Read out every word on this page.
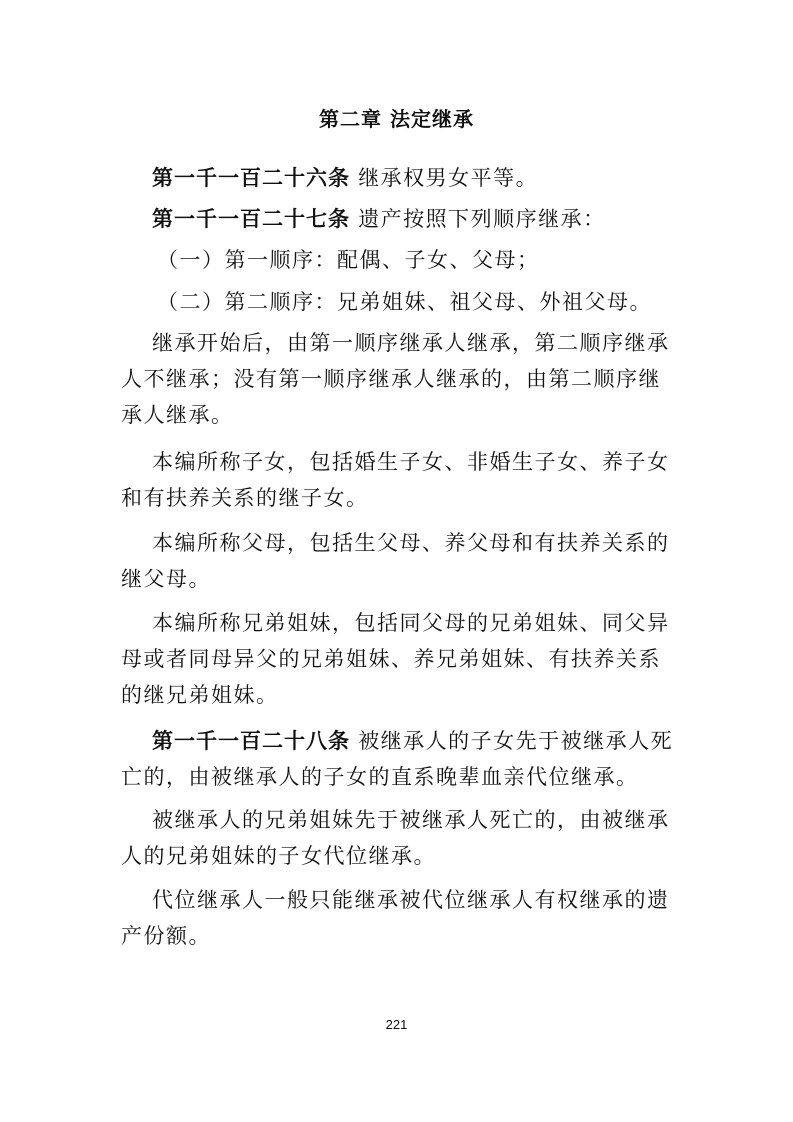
第二章 法定继承

第一千一百二十六条 继承权男女平等。

第一千一百二十七条 遗产按照下列顺序继承：

（一）第一顺序：配偶、子女、父母；

（二）第二顺序：兄弟姐妹、祖父母、外祖父母。

继承开始后，由第一顺序继承人继承，第二顺序继承人不继承；没有第一顺序继承人继承的，由第二顺序继承人继承。

本编所称子女，包括婚生子女、非婚生子女、养子女和有扶养关系的继子女。

本编所称父母，包括生父母、养父母和有扶养关系的继父母。

本编所称兄弟姐妹，包括同父母的兄弟姐妹、同父异母或者同母异父的兄弟姐妹、养兄弟姐妹、有扶养关系的继兄弟姐妹。

第一千一百二十八条 被继承人的子女先于被继承人死亡的，由被继承人的子女的直系晚辈血亲代位继承。

被继承人的兄弟姐妹先于被继承人死亡的，由被继承人的兄弟姐妹的子女代位继承。

代位继承人一般只能继承被代位继承人有权继承的遗产份额。

221
